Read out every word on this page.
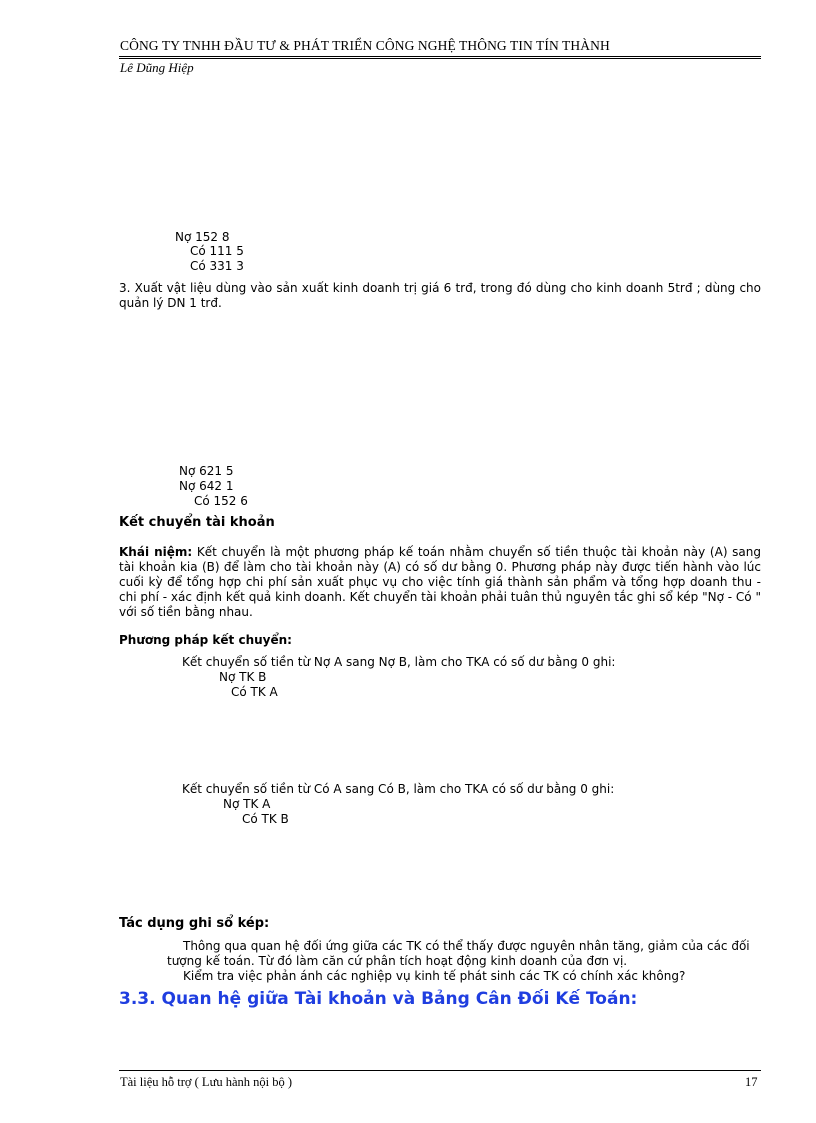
CÔNG TY TNHH ĐẦU TƯ & PHÁT TRIỂN CÔNG NGHỆ THÔNG TIN TÍN THÀNH
Lê Dũng Hiệp
Nợ 152 8
Có 111 5
Có 331 3
3. Xuất vật liệu dùng vào sản xuất kinh doanh trị giá 6 trđ, trong đó dùng cho kinh doanh 5trđ ; dùng cho quản lý DN 1 trđ.
Nợ 621 5
Nợ 642 1
Có 152 6
Kết chuyển tài khoản
Khái niệm: Kết chuyển là một phương pháp kế toán nhằm chuyển số tiền thuộc tài khoản này (A) sang tài khoản kia (B) để làm cho tài khoản này (A) có số dư bằng 0. Phương pháp này được tiến hành vào lúc cuối kỳ để tổng hợp chi phí sản xuất phục vụ cho việc tính giá thành sản phẩm và tổng hợp doanh thu - chi phí - xác định kết quả kinh doanh. Kết chuyển tài khoản phải tuân thủ nguyên tắc ghi sổ kép "Nợ - Có " với số tiền bằng nhau.
Phương pháp kết chuyển:
Kết chuyển số tiền từ Nợ A sang Nợ B, làm cho TKA có số dư bằng 0 ghi:
Nợ TK B
Có TK A
Kết chuyển số tiền từ Có A sang Có B, làm cho TKA có số dư bằng 0 ghi:
Nợ TK A
Có TK B
Tác dụng ghi sổ kép:
Thông qua quan hệ đối ứng giữa các TK có thể thấy được nguyên nhân tăng, giảm của các đối
tượng kế toán. Từ đó làm căn cứ phân tích hoạt động kinh doanh của đơn vị.
Kiểm tra việc phản ánh các nghiệp vụ kinh tế phát sinh các TK có chính xác không?
3.3. Quan hệ giữa Tài khoản và Bảng Cân Đối Kế Toán:
Tài liệu hỗ trợ ( Lưu hành nội bộ )	17
